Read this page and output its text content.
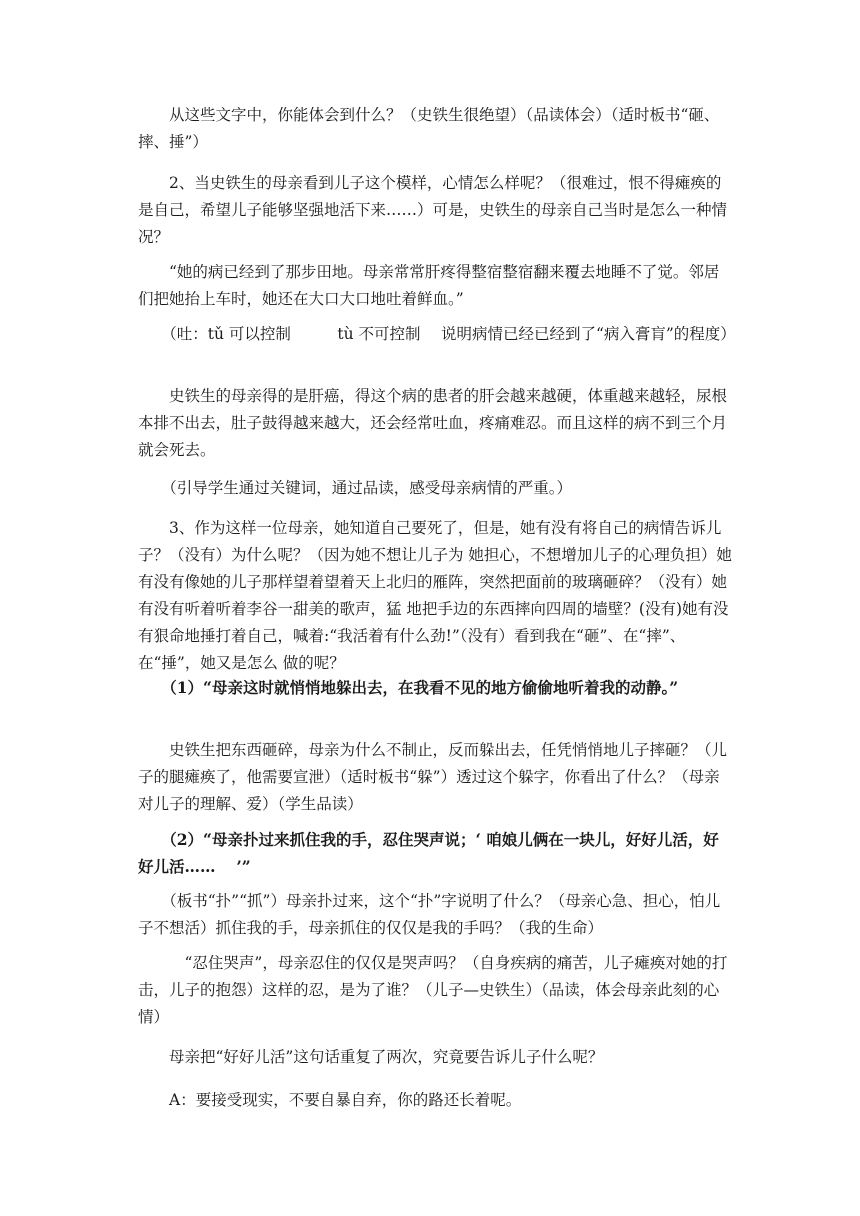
　　从这些文字中，你能体会到什么？（史铁生很绝望）（品读体会）（适时板书“砸、摔、捶”）

　　2、当史铁生的母亲看到儿子这个模样，心情怎么样呢？（很难过，恨不得瘫痪的是自己，希望儿子能够坚强地活下来……）可是，史铁生的母亲自己当时是怎么一种情况？

　　“她的病已经到了那步田地。母亲常常肝疼得整宿整宿翻来覆去地睡不了觉。邻居们把她抬上车时，她还在大口大口地吐着鲜血。”

　　（吐：tǔ 可以控制　　　tù 不可控制　 说明病情已经已经到了“病入膏肓”的程度）

　　史铁生的母亲得的是肝癌，得这个病的患者的肝会越来越硬，体重越来越轻，尿根本排不出去，肚子鼓得越来越大，还会经常吐血，疼痛难忍。而且这样的病不到三个月就会死去。

　　（引导学生通过关键词，通过品读，感受母亲病情的严重。）

　　3、作为这样一位母亲，她知道自己要死了，但是，她有没有将自己的病情告诉儿子？（没有）为什么呢？（因为她不想让儿子为 她担心，不想增加儿子的心理负担）她有没有像她的儿子那样望着望着天上北归的雁阵，突然把面前的玻璃砸碎？（没有）她有没有听着听着李谷一甜美的歌声，猛 地把手边的东西摔向四周的墙壁？(没有)她有没有狠命地捶打着自己，喊着:“我活着有什么劲!”（没有）看到我在“砸”、在“摔”、在“捶”，她又是怎么 做的呢？

　　（1）“母亲这时就悄悄地躲出去，在我看不见的地方偷偷地听着我的动静。”

　　史铁生把东西砸碎，母亲为什么不制止，反而躲出去，任凭悄悄地儿子摔砸？（儿子的腿瘫痪了，他需要宣泄）（适时板书“躲”）透过这个躲字，你看出了什么？（母亲对儿子的理解、爱）（学生品读）

　　（2）“母亲扑过来抓住我的手，忍住哭声说；‘ 咱娘儿俩在一块儿，好好儿活，好好儿活……　 ’”

　　（板书“扑”“抓”）母亲扑过来，这个“扑”字说明了什么？（母亲心急、担心，怕儿子不想活）抓住我的手，母亲抓住的仅仅是我的手吗？（我的生命）

　　　“忍住哭声”，母亲忍住的仅仅是哭声吗？（自身疾病的痛苦，儿子瘫痪对她的打击，儿子的抱怨）这样的忍，是为了谁？（儿子—史铁生）（品读，体会母亲此刻的心情）

　　母亲把“好好儿活”这句话重复了两次，究竟要告诉儿子什么呢？

　　A：要接受现实，不要自暴自弃，你的路还长着呢。
